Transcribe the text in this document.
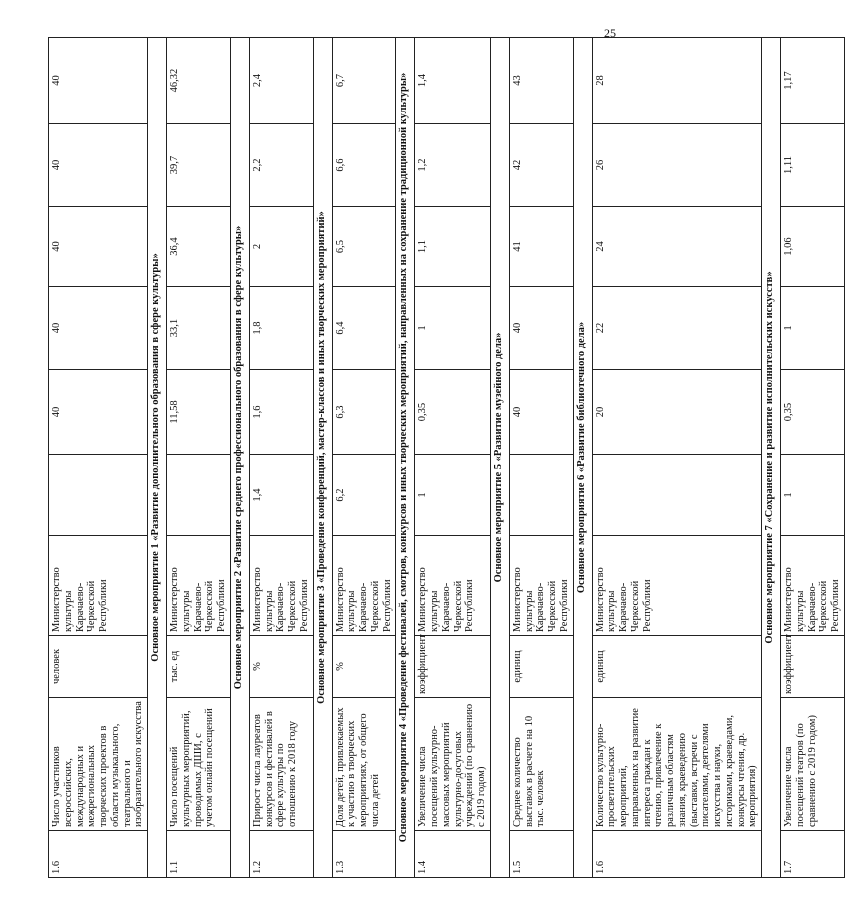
25
1.6	Число участников всероссийских, международных и межрегиональных творческих проектов в области музыкального, театрального и изобразительного искусства	человек	Министерство культуры Карачаево-Черкесской Республики		40	40	40	40	40
Основное мероприятие 1 «Развитие дополнительного образования в сфере культуры»									
1.1	Число посещений культурных мероприятий, проводимых ДШИ, с учетом онлайн посещений	тыс. ед	Министерство культуры Карачаево-Черкесской Республики		11,58	33,1	36,4	39,7	46,32
Основное мероприятие 2 «Развитие среднего профессионального образования в сфере культуры»									
1.2	Прирост числа лауреатов конкурсов и фестивалей в сфере культуры по отношению к 2018 году	%	Министерство культуры Карачаево-Черкесской Республики	1,4	1,6	1,8	2	2,2	2,4
Основное мероприятие 3 «Проведение конференций, мастер-классов и иных творческих мероприятий»									
1.3	Доля детей, привлекаемых к участию в творческих мероприятиях, от общего числа детей	%	Министерство культуры Карачаево-Черкесской Республики	6,2	6,3	6,4	6,5	6,6	6,7
Основное мероприятие 4 «Проведение фестивалей, смотров, конкурсов и иных творческих мероприятий, направленных на сохранение традиционной культуры»									
1.4	Увеличение числа посещений культурно-массовых мероприятий культурно-досуговых учреждений (по сравнению с 2019 годом)	коэффициент	Министерство культуры Карачаево-Черкесской Республики	1	0,35	1	1,1	1,2	1,4
Основное мероприятие 5 «Развитие музейного дела»									
1.5	Среднее количество выставок в расчете на 10 тыс. человек	единиц	Министерство культуры Карачаево-Черкесской Республики		40	40	41	42	43
Основное мероприятие 6 «Развитие библиотечного дела»									
1.6	Количество культурно-просветительских мероприятий, направленных на развитие интереса граждан к чтению, привлечение к различным областям знания, краеведению (выставки, встречи с писателями, деятелями искусства и науки, историками, краеведами, конкурсы чтения, др. мероприятия)	единиц	Министерство культуры Карачаево-Черкесской Республики		20	22	24	26	28
Основное мероприятие 7 «Сохранение и развитие исполнительских искусств»									
1.7	Увеличение числа посещений театров (по сравнению с 2019 годом)	коэффициент	Министерство культуры Карачаево-Черкесской Республики	1	0,35	1	1,06	1,11	1,17
